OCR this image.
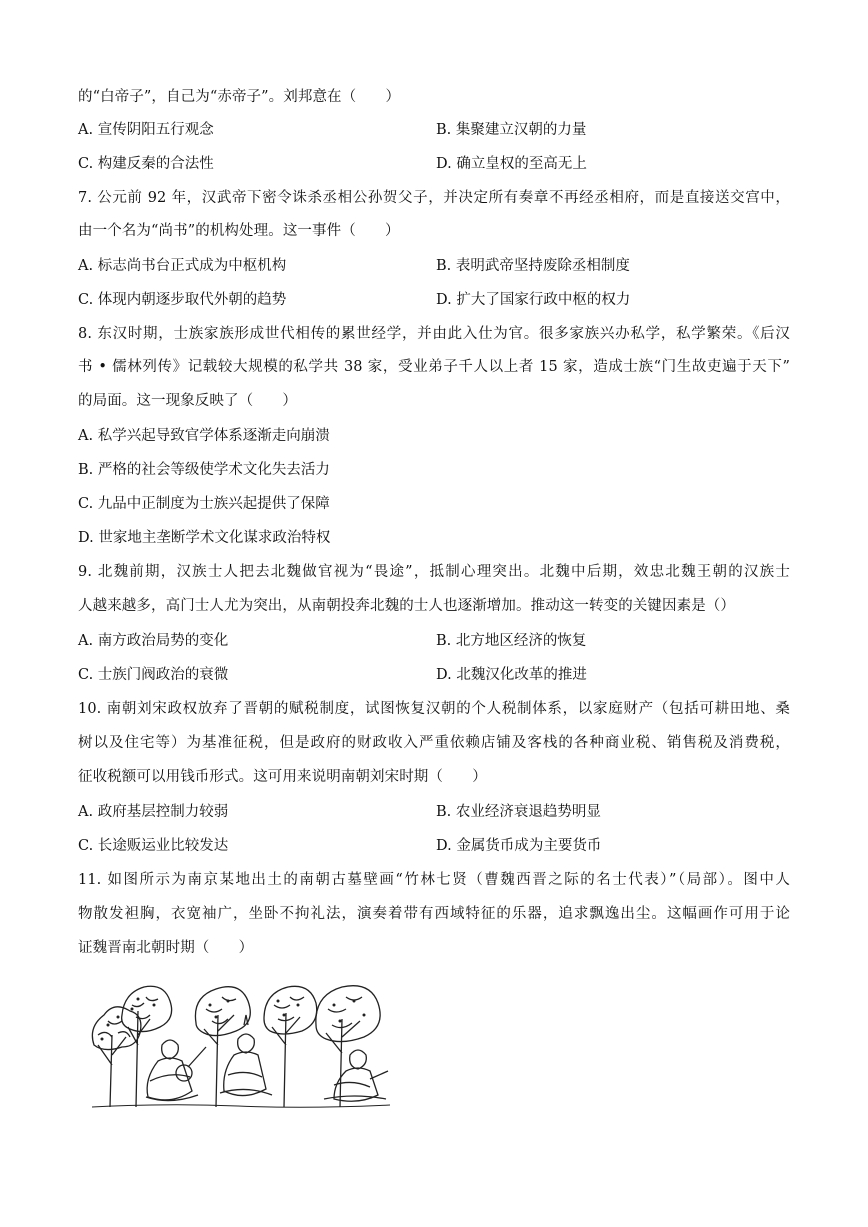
的“白帝子”，自己为“赤帝子”。刘邦意在（　　）
A. 宣传阴阳五行观念	B. 集聚建立汉朝的力量
C. 构建反秦的合法性	D. 确立皇权的至高无上
7. 公元前 92 年，汉武帝下密令诛杀丞相公孙贺父子，并决定所有奏章不再经丞相府，而是直接送交宫中，
由一个名为“尚书”的机构处理。这一事件（　　）
A. 标志尚书台正式成为中枢机构	B. 表明武帝坚持废除丞相制度
C. 体现内朝逐步取代外朝的趋势	D. 扩大了国家行政中枢的权力
8. 东汉时期，士族家族形成世代相传的累世经学，并由此入仕为官。很多家族兴办私学，私学繁荣。《后汉
书 • 儒林列传》记载较大规模的私学共 38 家，受业弟子千人以上者 15 家，造成士族“门生故吏遍于天下”
的局面。这一现象反映了（　　）
A. 私学兴起导致官学体系逐渐走向崩溃
B. 严格的社会等级使学术文化失去活力
C. 九品中正制度为士族兴起提供了保障
D. 世家地主垄断学术文化谋求政治特权
9. 北魏前期，汉族士人把去北魏做官视为“畏途”，抵制心理突出。北魏中后期，效忠北魏王朝的汉族士
人越来越多，高门士人尤为突出，从南朝投奔北魏的士人也逐渐增加。推动这一转变的关键因素是（）
A. 南方政治局势的变化	B. 北方地区经济的恢复
C. 士族门阀政治的衰微	D. 北魏汉化改革的推进
10. 南朝刘宋政权放弃了晋朝的赋税制度，试图恢复汉朝的个人税制体系，以家庭财产（包括可耕田地、桑
树以及住宅等）为基准征税，但是政府的财政收入严重依赖店铺及客栈的各种商业税、销售税及消费税，
征收税额可以用钱币形式。这可用来说明南朝刘宋时期（　　）
A. 政府基层控制力较弱	B. 农业经济衰退趋势明显
C. 长途贩运业比较发达	D. 金属货币成为主要货币
11. 如图所示为南京某地出土的南朝古墓壁画“竹林七贤（曹魏西晋之际的名士代表）”（局部）。图中人
物散发袒胸，衣宽袖广，坐卧不拘礼法，演奏着带有西域特征的乐器，追求飘逸出尘。这幅画作可用于论
证魏晋南北朝时期（　　）
